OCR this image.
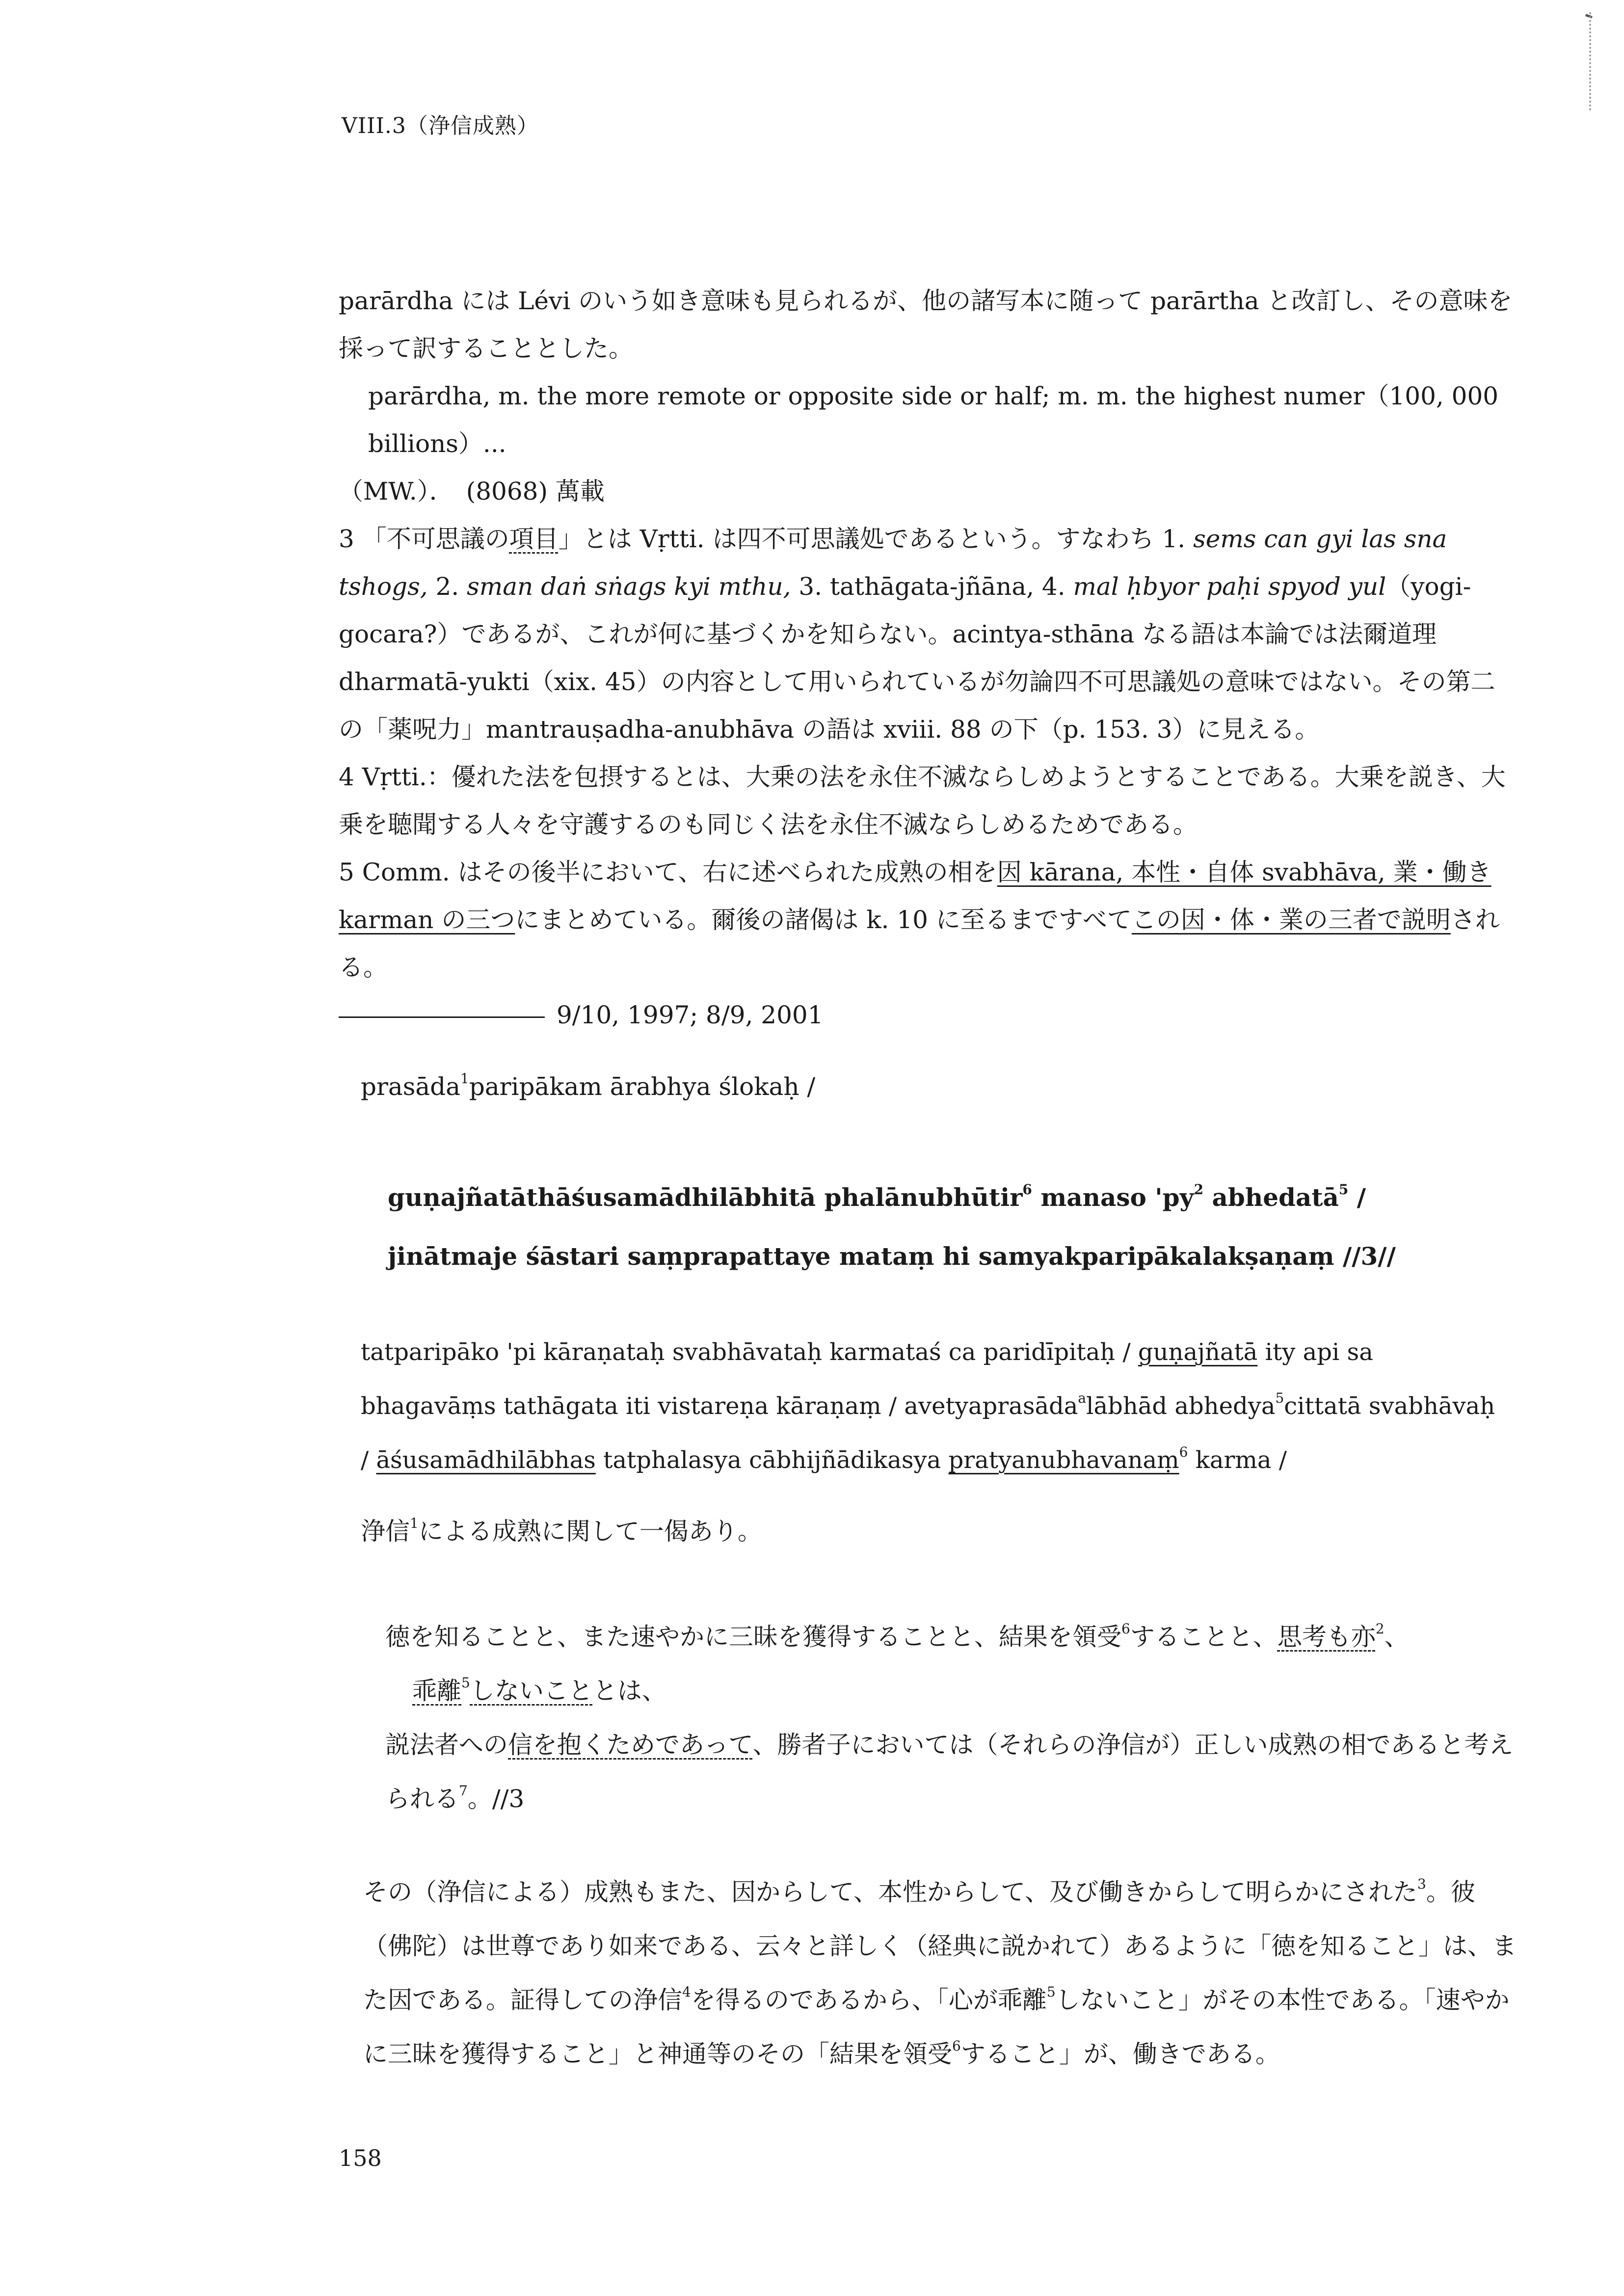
VIII.3（浄信成熟）
parārdha には Lévi のいう如き意味も見られるが、他の諸写本に随って parārtha と改訂し、その意味を採って訳することとした。
parārdha, m. the more remote or opposite side or half; m. m. the highest numer（100, 000 billions）...
（MW.）．　(8068) 萬載
3 「不可思議の項目」とは Vṛtti. は四不可思議処であるという。すなわち 1. sems can gyi las sna tshogs, 2. sman daṅ sṅags kyi mthu, 3. tathāgata-jñāna, 4. mal ḥbyor paḥi spyod yul（yogi-gocara?）であるが、これが何に基づくかを知らない。acintya-sthāna なる語は本論では法爾道理 dharmatā-yukti（xix. 45）の内容として用いられているが勿論四不可思議処の意味ではない。その第二の「薬呪力」mantrauṣadha-anubhāva の語は xviii. 88 の下（p. 153. 3）に見える。
4 Vṛtti.：優れた法を包摂するとは、大乗の法を永住不滅ならしめようとすることである。大乗を説き、大乗を聴聞する人々を守護するのも同じく法を永住不滅ならしめるためである。
5 Comm. はその後半において、右に述べられた成熟の相を因 kārana, 本性・自体 svabhāva, 業・働き karman の三つにまとめている。爾後の諸偈は k. 10 に至るまですべてこの因・体・業の三者で説明される。
9/10, 1997; 8/9, 2001
prasāda$^1$paripākam ārabhya ślokaḥ /
guṇajñatāthāśusamādhilābhitā phalānubhūtir$^6$ manaso '$py^2$ abhedatā$^5$ /
jinātmaje śāstari saṃprapattaye mataṃ hi samyakparipākalakṣaṇaṃ //3//
tatparipāko 'pi kāraṇataḥ svabhāvataḥ karmataś ca paridīpitaḥ / guṇajñatā ity api sa bhagavāṃs tathāgata iti vistareṇa kāraṇaṃ / avetyaprasāda$^a$lābhād abhedya$^5$cittatā svabhāvaḥ / āśusamādhilābhas tatphalasya cābhijñādikasya pratyanubhavanaṃ$^6$ karma /
浄信$^1$による成熟に関して一偈あり。
徳を知ることと、また速やかに三昧を獲得することと、結果を領受$^6$することと、思考も亦$^2$、
乖離$^5$しないこととは、
説法者への信を抱くためであって、勝者子においては（それらの浄信が）正しい成熟の相であると考えられる$^7$。//3
その（浄信による）成熟もまた、因からして、本性からして、及び働きからして明らかにされた$^3$。彼（佛陀）は世尊であり如来である、云々と詳しく（経典に説かれて）あるように「徳を知ること」は、また因である。証得しての浄信$^4$を得るのであるから、「心が乖離$^5$しないこと」がその本性である。「速やかに三昧を獲得すること」と神通等のその「結果を領受$^6$すること」が、働きである。
158
